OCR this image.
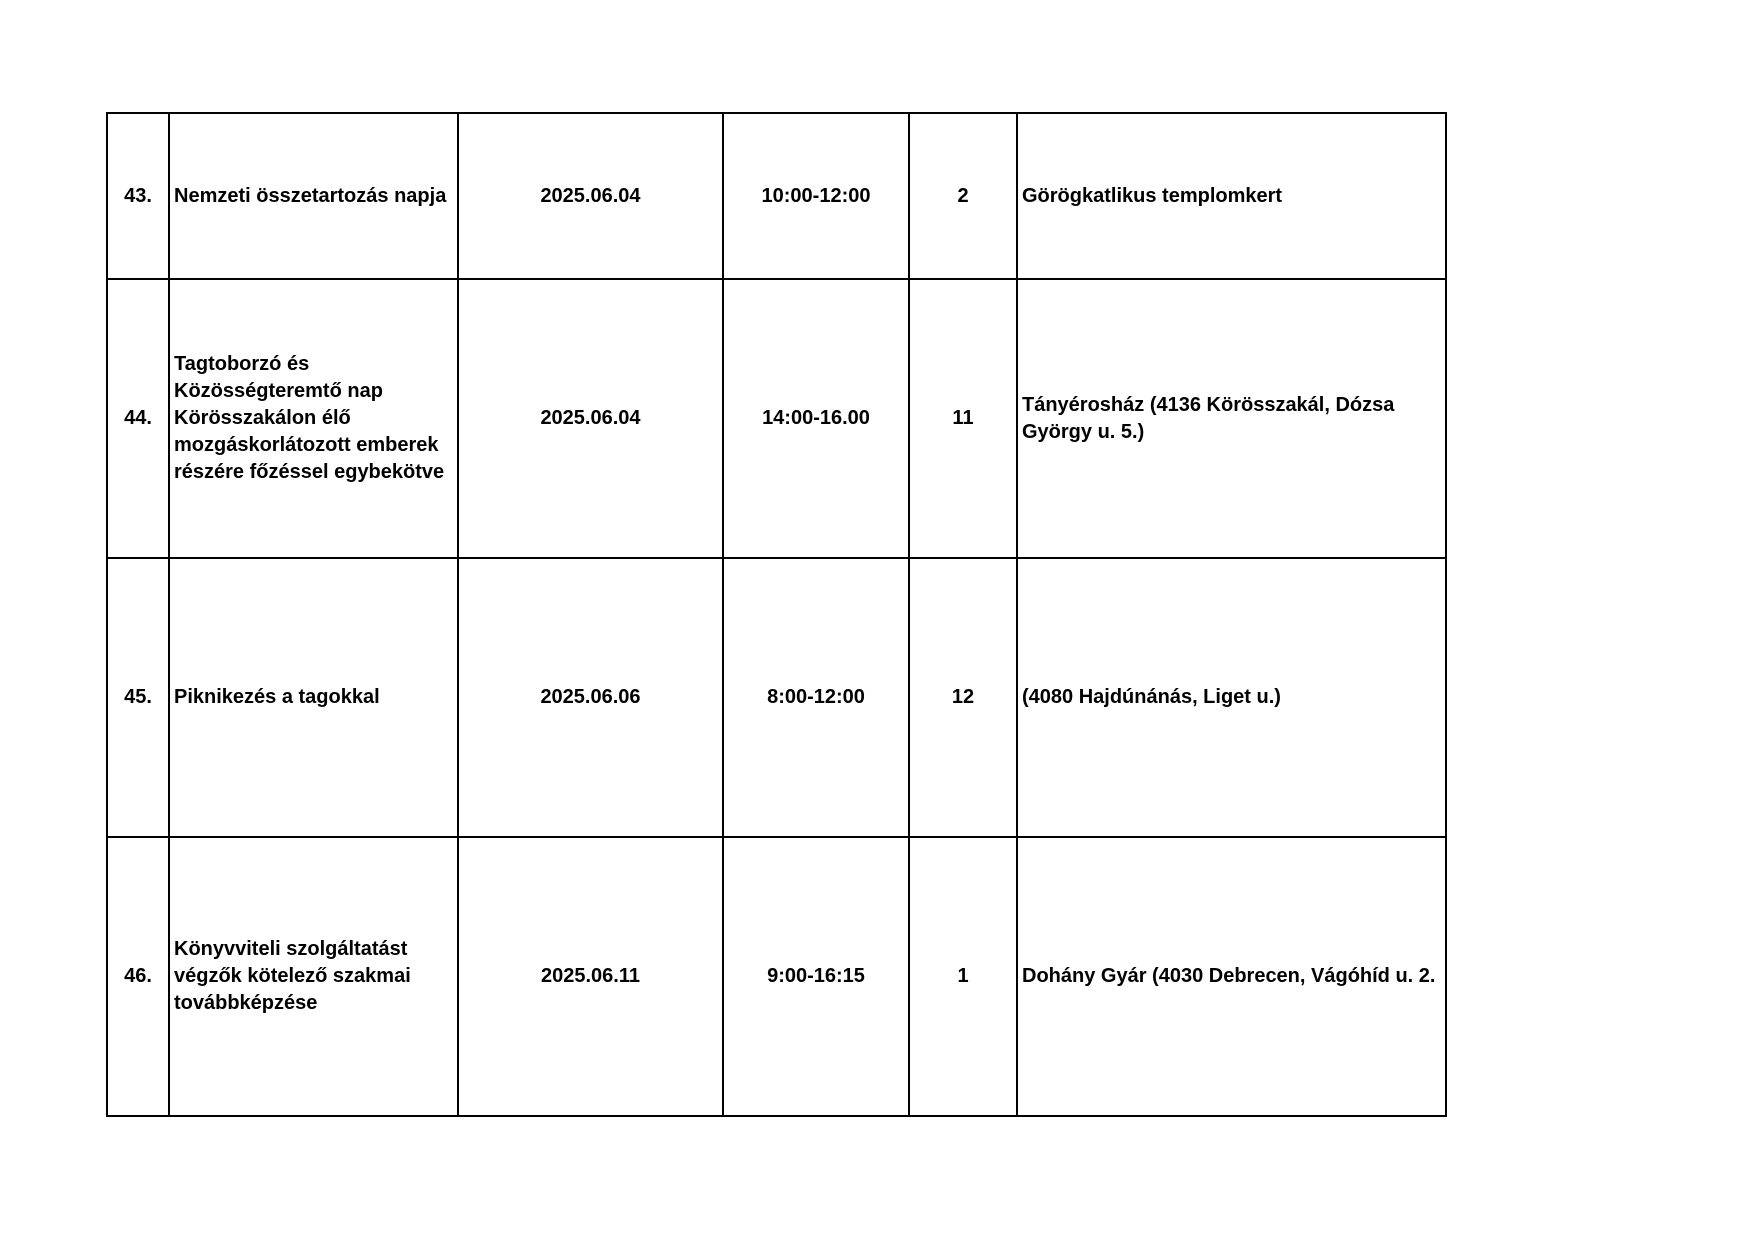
43.	Nemzeti összetartozás napja	2025.06.04	10:00-12:00	2	Görögkatlikus templomkert

44.	Tagtoborzó és Közösségteremtő nap Körösszakálon élő mozgáskorlátozott emberek részére főzéssel egybekötve	2025.06.04	14:00-16.00	11	Tányérosház (4136 Körösszakál, Dózsa György u. 5.)

45.	Piknikezés a tagokkal	2025.06.06	8:00-12:00	12	(4080 Hajdúnánás, Liget u.)

46.	Könyvviteli szolgáltatást végzők kötelező szakmai továbbképzése	2025.06.11	9:00-16:15	1	Dohány Gyár (4030 Debrecen, Vágóhíd u. 2.
